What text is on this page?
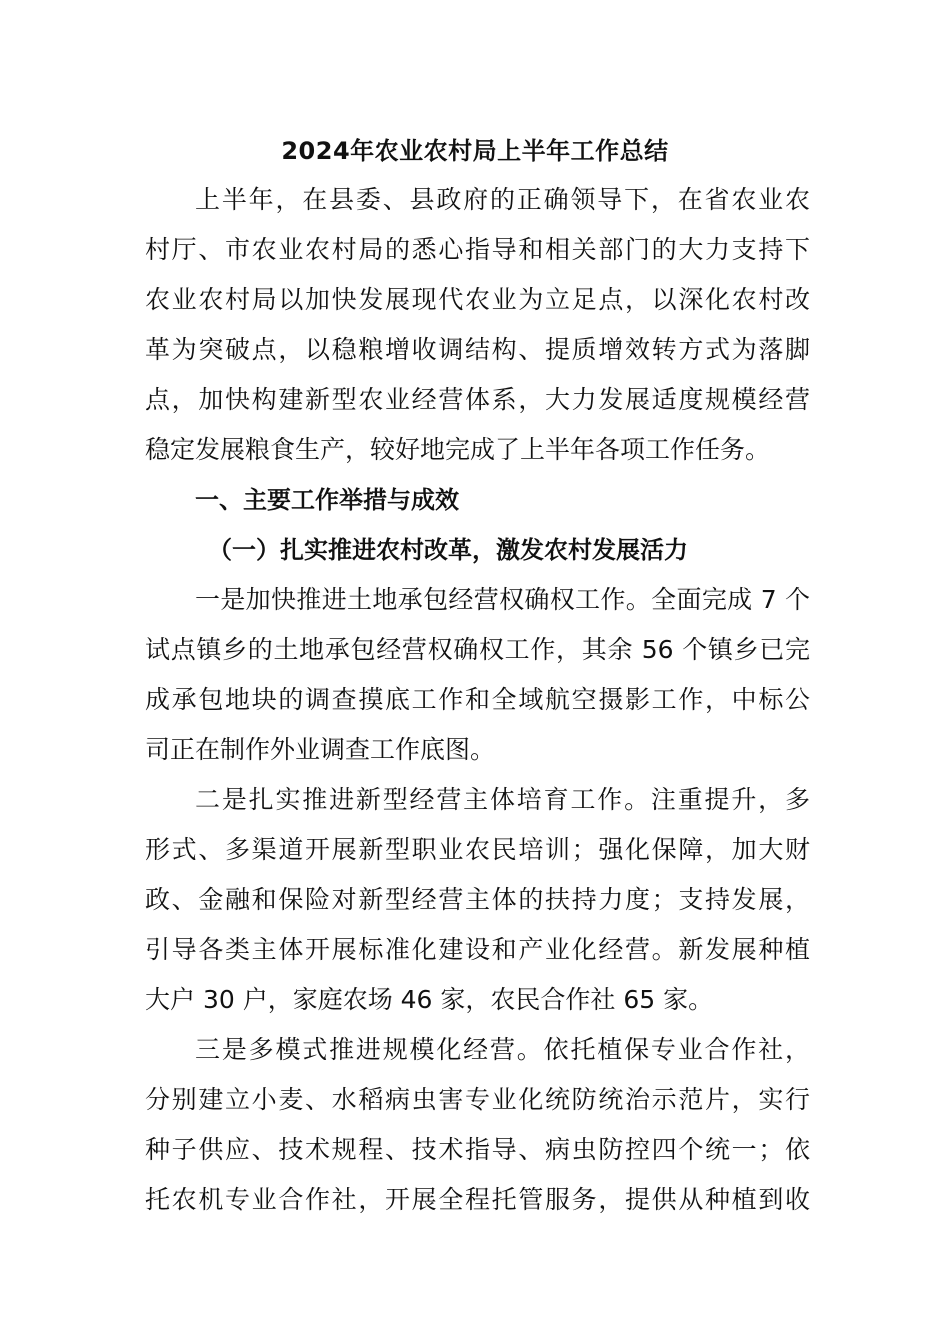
2024年农业农村局上半年工作总结
上半年，在县委、县政府的正确领导下，在省农业农
村厅、市农业农村局的悉心指导和相关部门的大力支持下
农业农村局以加快发展现代农业为立足点，以深化农村改
革为突破点，以稳粮增收调结构、提质增效转方式为落脚
点，加快构建新型农业经营体系，大力发展适度规模经营
稳定发展粮食生产，较好地完成了上半年各项工作任务。
一、主要工作举措与成效
（一）扎实推进农村改革，激发农村发展活力
一是加快推进土地承包经营权确权工作。全面完成 7 个
试点镇乡的土地承包经营权确权工作，其余 56 个镇乡已完
成承包地块的调查摸底工作和全域航空摄影工作，中标公
司正在制作外业调查工作底图。
二是扎实推进新型经营主体培育工作。注重提升，多
形式、多渠道开展新型职业农民培训；强化保障，加大财
政、金融和保险对新型经营主体的扶持力度；支持发展，
引导各类主体开展标准化建设和产业化经营。新发展种植
大户 30 户，家庭农场 46 家，农民合作社 65 家。
三是多模式推进规模化经营。依托植保专业合作社，
分别建立小麦、水稻病虫害专业化统防统治示范片，实行
种子供应、技术规程、技术指导、病虫防控四个统一；依
托农机专业合作社，开展全程托管服务，提供从种植到收
